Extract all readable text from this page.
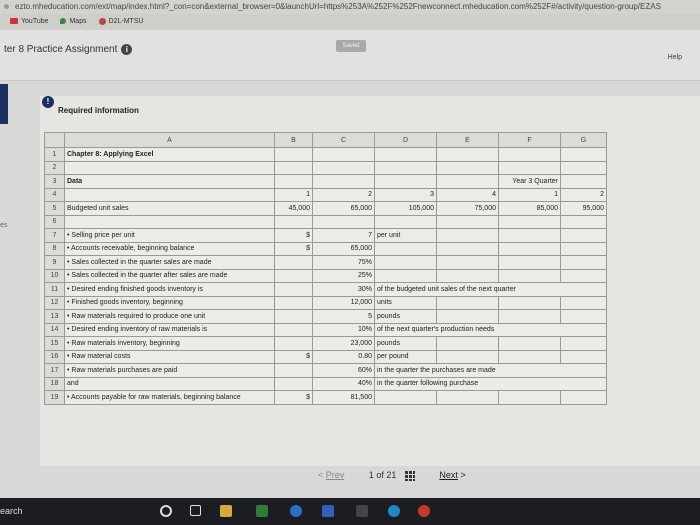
ezto.mheducation.com/ext/map/index.html?_con=con&external_browser=0&launchUrl=https%253A%252F%252Fnewconnect.mheducation.com%252F#/activity/question-group/EZAS
YouTube	Maps	D2L-MTSU
ter 8 Practice Assignment i	Saved
Help
es
!
Required information
	A	B	C	D	E	F	G
1	Chapter 8: Applying Excel						
2							
3	Data					Year 3 Quarter	
4		1	2	3	4	1	2
5	Budgeted unit sales	45,000	65,000	105,000	75,000	85,000	95,000
6							
7	• Selling price per unit	$	7	per unit			
8	• Accounts receivable, beginning balance	$	65,000				
9	• Sales collected in the quarter sales are made		75%				
10	• Sales collected in the quarter after sales are made		25%				
11	• Desired ending finished goods inventory is		30%	of the budgeted unit sales of the next quarter			
12	• Finished goods inventory, beginning		12,000	units			
13	• Raw materials required to produce one unit		5	pounds			
14	• Desired ending inventory of raw materials is		10%	of the next quarter's production needs			
15	• Raw materials inventory, beginning		23,000	pounds			
16	• Raw material costs	$	0.80	per pound			
17	• Raw materials purchases are paid		60%	in the quarter the purchases are made			
18	and		40%	in the quarter following purchase			
19	• Accounts payable for raw materials, beginning balance	$	81,500				
< Prev	1 of 21	Next >
earch
